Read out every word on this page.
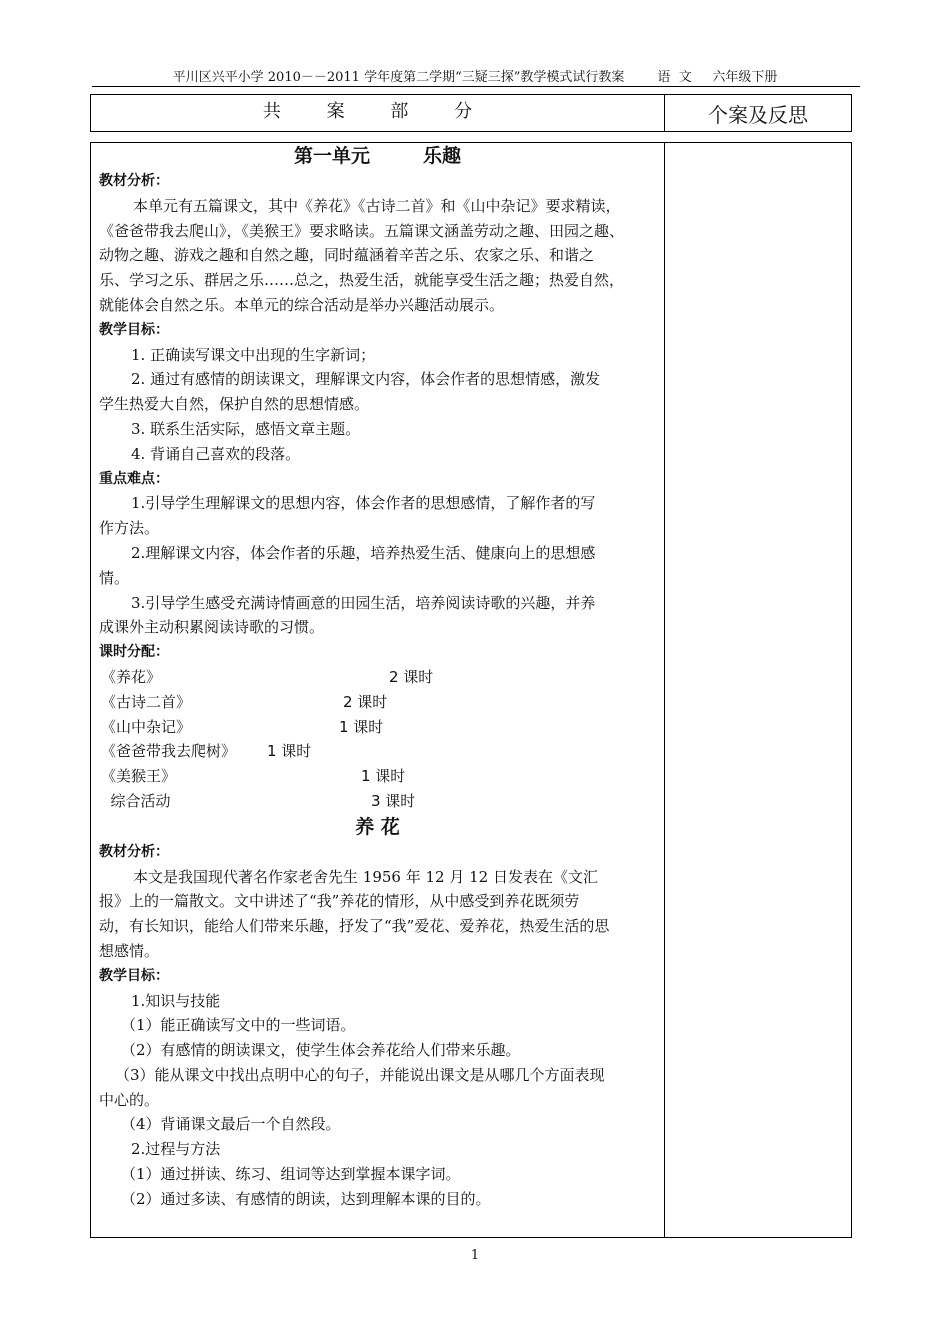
平川区兴平小学 2010－－2011 学年度第二学期“三疑三探”教学模式试行教案        语  文     六年级下册
共 案 部 分	个案及反思
第一单元        乐趣
教材分析：
本单元有五篇课文，其中《养花》《古诗二首》和《山中杂记》要求精读，
《爸爸带我去爬山》，《美猴王》要求略读。五篇课文涵盖劳动之趣、田园之趣、
动物之趣、游戏之趣和自然之趣，同时蕴涵着辛苦之乐、农家之乐、和谐之
乐、学习之乐、群居之乐……总之，热爱生活，就能享受生活之趣；热爱自然，
就能体会自然之乐。本单元的综合活动是举办兴趣活动展示。
教学目标：
1. 正确读写课文中出现的生字新词；
2. 通过有感情的朗读课文，理解课文内容，体会作者的思想情感，激发
学生热爱大自然，保护自然的思想情感。
3. 联系生活实际，感悟文章主题。
4. 背诵自己喜欢的段落。
重点难点：
1.引导学生理解课文的思想内容，体会作者的思想感情，了解作者的写
作方法。
2.理解课文内容，体会作者的乐趣，培养热爱生活、健康向上的思想感
情。
3.引导学生感受充满诗情画意的田园生活，培养阅读诗歌的兴趣，并养
成课外主动积累阅读诗歌的习惯。
课时分配：
《养花》	2 课时
《古诗二首》	2 课时
《山中杂记》	1 课时
《爸爸带我去爬树》 1 课时
《美猴王》	1 课时
综合活动	3 课时
养 花
教材分析：
本文是我国现代著名作家老舍先生 1956 年 12 月 12 日发表在《文汇
报》上的一篇散文。文中讲述了“我”养花的情形，从中感受到养花既须劳
动，有长知识，能给人们带来乐趣，抒发了“我”爱花、爱养花，热爱生活的思
想感情。
教学目标：
1.知识与技能
（1）能正确读写文中的一些词语。
（2）有感情的朗读课文，使学生体会养花给人们带来乐趣。
（3）能从课文中找出点明中心的句子，并能说出课文是从哪几个方面表现
中心的。
（4）背诵课文最后一个自然段。
2.过程与方法
（1）通过拼读、练习、组词等达到掌握本课字词。
（2）通过多读、有感情的朗读，达到理解本课的目的。
1
